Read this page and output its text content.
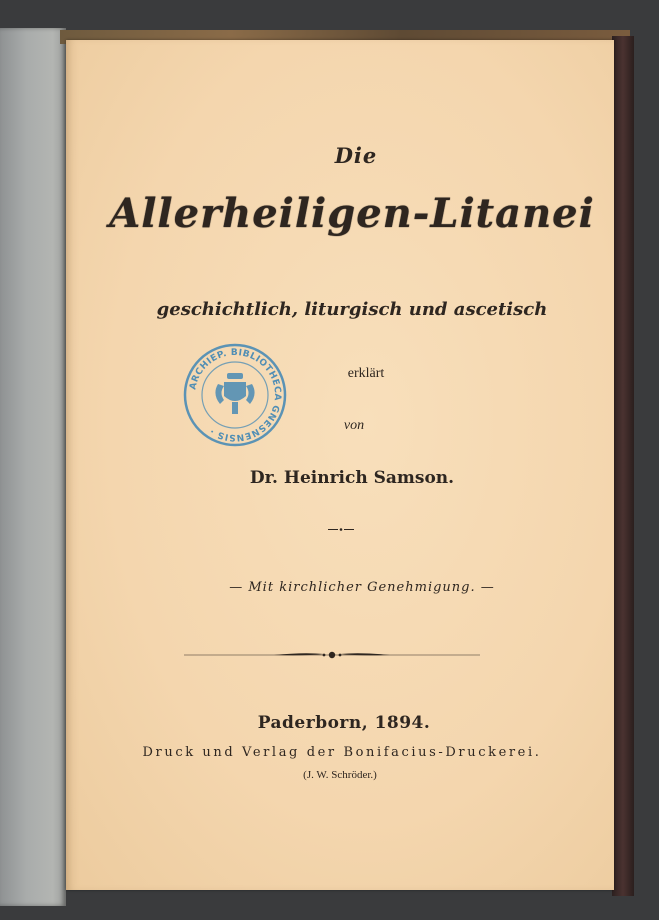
Die

Allerheiligen-Litanei

geschichtlich, liturgisch und ascetisch

ARCHIEP. BIBLIOTHECA GNESNENSIS ·

erklärt

von

Dr. Heinrich Samson.

— Mit kirchlicher Genehmigung. —

Paderborn, 1894.

Druck und Verlag der Bonifacius-Druckerei.

(J. W. Schröder.)
